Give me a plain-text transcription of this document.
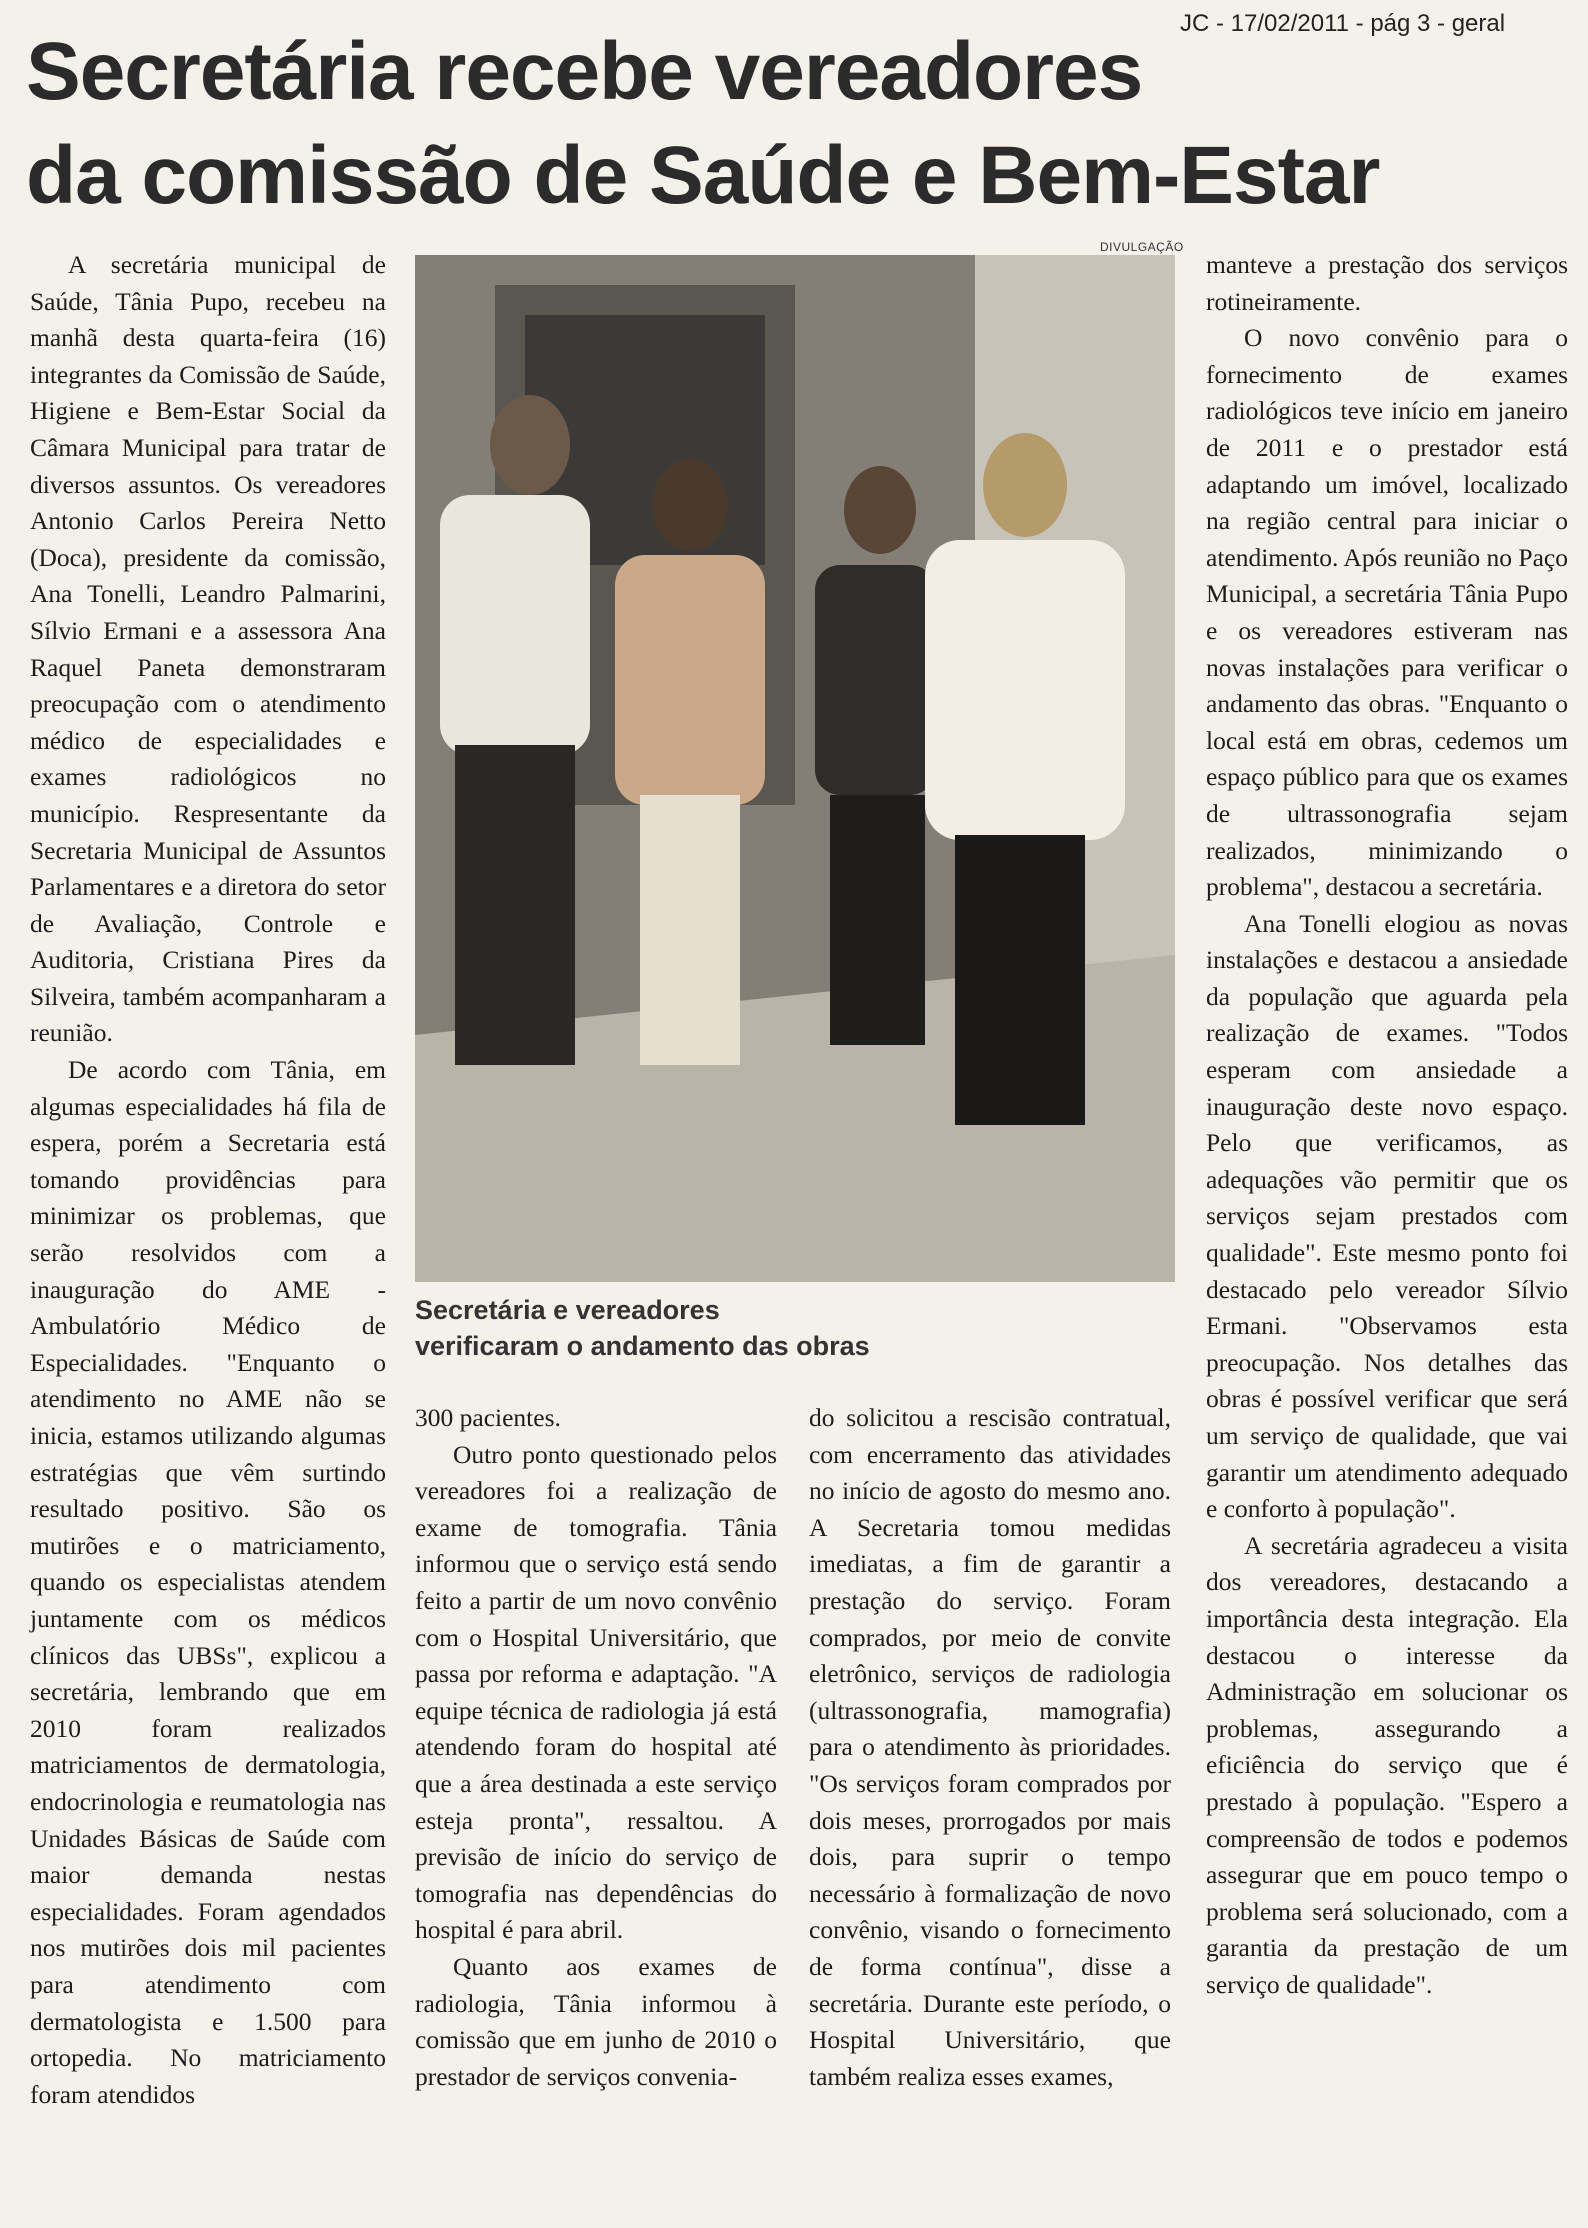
JC - 17/02/2011 - pág 3 - geral
Secretária recebe vereadores
da comissão de Saúde e Bem-Estar

A secretária municipal de Saúde, Tânia Pupo, recebeu na manhã desta quarta-feira (16) integrantes da Comissão de Saúde, Higiene e Bem-Estar Social da Câmara Municipal para tratar de diversos assuntos. Os vereadores Antonio Carlos Pereira Netto (Doca), presidente da comissão, Ana Tonelli, Leandro Palmarini, Sílvio Ermani e a assessora Ana Raquel Paneta demonstraram preocupação com o atendimento médico de especialidades e exames radiológicos no município. Respresentante da Secretaria Municipal de Assuntos Parlamentares e a diretora do setor de Avaliação, Controle e Auditoria, Cristiana Pires da Silveira, também acompanharam a reunião.

De acordo com Tânia, em algumas especialidades há fila de espera, porém a Secretaria está tomando providências para minimizar os problemas, que serão resolvidos com a inauguração do AME - Ambulatório Médico de Especialidades. "Enquanto o atendimento no AME não se inicia, estamos utilizando algumas estratégias que vêm surtindo resultado positivo. São os mutirões e o matriciamento, quando os especialistas atendem juntamente com os médicos clínicos das UBSs", explicou a secretária, lembrando que em 2010 foram realizados matriciamentos de dermatologia, endocrinologia e reumatologia nas Unidades Básicas de Saúde com maior demanda nestas especialidades. Foram agendados nos mutirões dois mil pacientes para atendimento com dermatologista e 1.500 para ortopedia. No matriciamento foram atendidos

DIVULGAÇÃO
Secretária e vereadores
verificaram o andamento das obras

300 pacientes.

Outro ponto questionado pelos vereadores foi a realização de exame de tomografia. Tânia informou que o serviço está sendo feito a partir de um novo convênio com o Hospital Universitário, que passa por reforma e adaptação. "A equipe técnica de radiologia já está atendendo foram do hospital até que a área destinada a este serviço esteja pronta", ressaltou. A previsão de início do serviço de tomografia nas dependências do hospital é para abril.

Quanto aos exames de radiologia, Tânia informou à comissão que em junho de 2010 o prestador de serviços convenia-

do solicitou a rescisão contratual, com encerramento das atividades no início de agosto do mesmo ano. A Secretaria tomou medidas imediatas, a fim de garantir a prestação do serviço. Foram comprados, por meio de convite eletrônico, serviços de radiologia (ultrassonografia, mamografia) para o atendimento às prioridades. "Os serviços foram comprados por dois meses, prorrogados por mais dois, para suprir o tempo necessário à formalização de novo convênio, visando o fornecimento de forma contínua", disse a secretária. Durante este período, o Hospital Universitário, que também realiza esses exames,

manteve a prestação dos serviços rotineiramente.

O novo convênio para o fornecimento de exames radiológicos teve início em janeiro de 2011 e o prestador está adaptando um imóvel, localizado na região central para iniciar o atendimento. Após reunião no Paço Municipal, a secretária Tânia Pupo e os vereadores estiveram nas novas instalações para verificar o andamento das obras. "Enquanto o local está em obras, cedemos um espaço público para que os exames de ultrassonografia sejam realizados, minimizando o problema", destacou a secretária.

Ana Tonelli elogiou as novas instalações e destacou a ansiedade da população que aguarda pela realização de exames. "Todos esperam com ansiedade a inauguração deste novo espaço. Pelo que verificamos, as adequações vão permitir que os serviços sejam prestados com qualidade". Este mesmo ponto foi destacado pelo vereador Sílvio Ermani. "Observamos esta preocupação. Nos detalhes das obras é possível verificar que será um serviço de qualidade, que vai garantir um atendimento adequado e conforto à população".

A secretária agradeceu a visita dos vereadores, destacando a importância desta integração. Ela destacou o interesse da Administração em solucionar os problemas, assegurando a eficiência do serviço que é prestado à população. "Espero a compreensão de todos e podemos assegurar que em pouco tempo o problema será solucionado, com a garantia da prestação de um serviço de qualidade".
